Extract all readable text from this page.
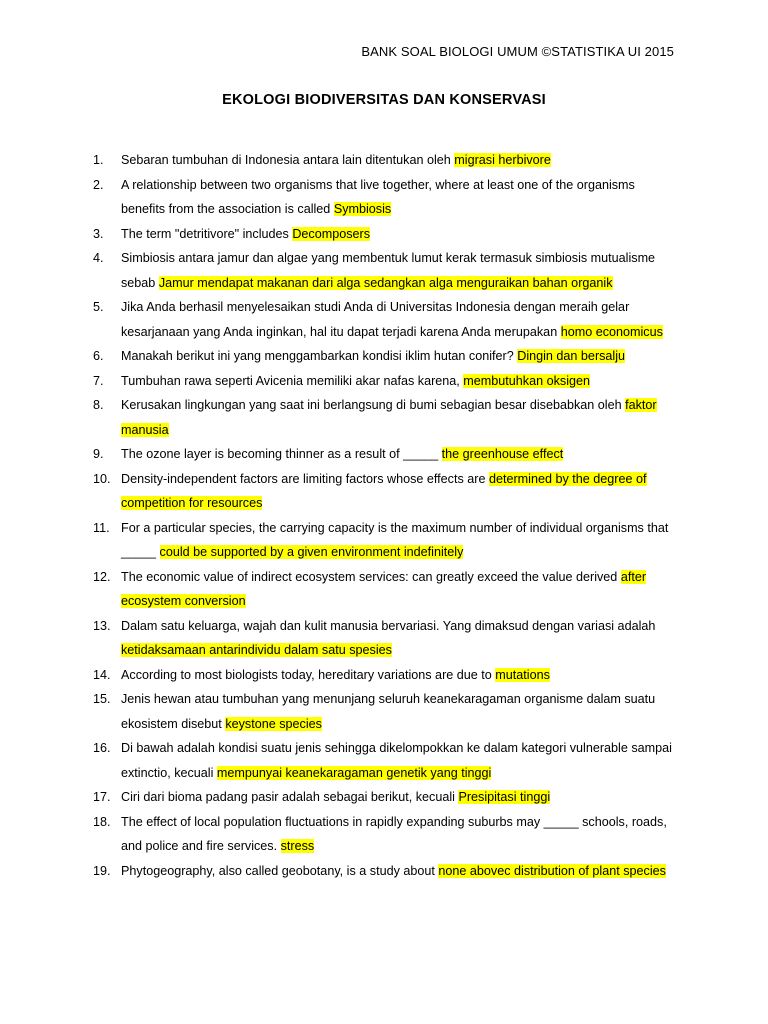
BANK SOAL BIOLOGI UMUM ©STATISTIKA UI 2015
EKOLOGI BIODIVERSITAS DAN KONSERVASI
1. Sebaran tumbuhan di Indonesia antara lain ditentukan oleh migrasi herbivore
2. A relationship between two organisms that live together, where at least one of the organisms benefits from the association is called Symbiosis
3. The term "detritivore" includes Decomposers
4. Simbiosis antara jamur dan algae yang membentuk lumut kerak termasuk simbiosis mutualisme sebab Jamur mendapat makanan dari alga sedangkan alga menguraikan bahan organik
5. Jika Anda berhasil menyelesaikan studi Anda di Universitas Indonesia dengan meraih gelar kesarjanaan yang Anda inginkan, hal itu dapat terjadi karena Anda merupakan homo economicus
6. Manakah berikut ini yang menggambarkan kondisi iklim hutan conifer? Dingin dan bersalju
7. Tumbuhan rawa seperti Avicenia memiliki akar nafas karena, membutuhkan oksigen
8. Kerusakan lingkungan yang saat ini berlangsung di bumi sebagian besar disebabkan oleh faktor manusia
9. The ozone layer is becoming thinner as a result of _____ the greenhouse effect
10. Density-independent factors are limiting factors whose effects are determined by the degree of competition for resources
11. For a particular species, the carrying capacity is the maximum number of individual organisms that _____ could be supported by a given environment indefinitely
12. The economic value of indirect ecosystem services: can greatly exceed the value derived after ecosystem conversion
13. Dalam satu keluarga, wajah dan kulit manusia bervariasi. Yang dimaksud dengan variasi adalah ketidaksamaan antarindividu dalam satu spesies
14. According to most biologists today, hereditary variations are due to mutations
15. Jenis hewan atau tumbuhan yang menunjang seluruh keanekaragaman organisme dalam suatu ekosistem disebut keystone species
16. Di bawah adalah kondisi suatu jenis sehingga dikelompokkan ke dalam kategori vulnerable sampai extinctio, kecuali mempunyai keanekaragaman genetik yang tinggi
17. Ciri dari bioma padang pasir adalah sebagai berikut, kecuali Presipitasi tinggi
18. The effect of local population fluctuations in rapidly expanding suburbs may _____ schools, roads, and police and fire services. stress
19. Phytogeography, also called geobotany, is a study about none abovec distribution of plant species
